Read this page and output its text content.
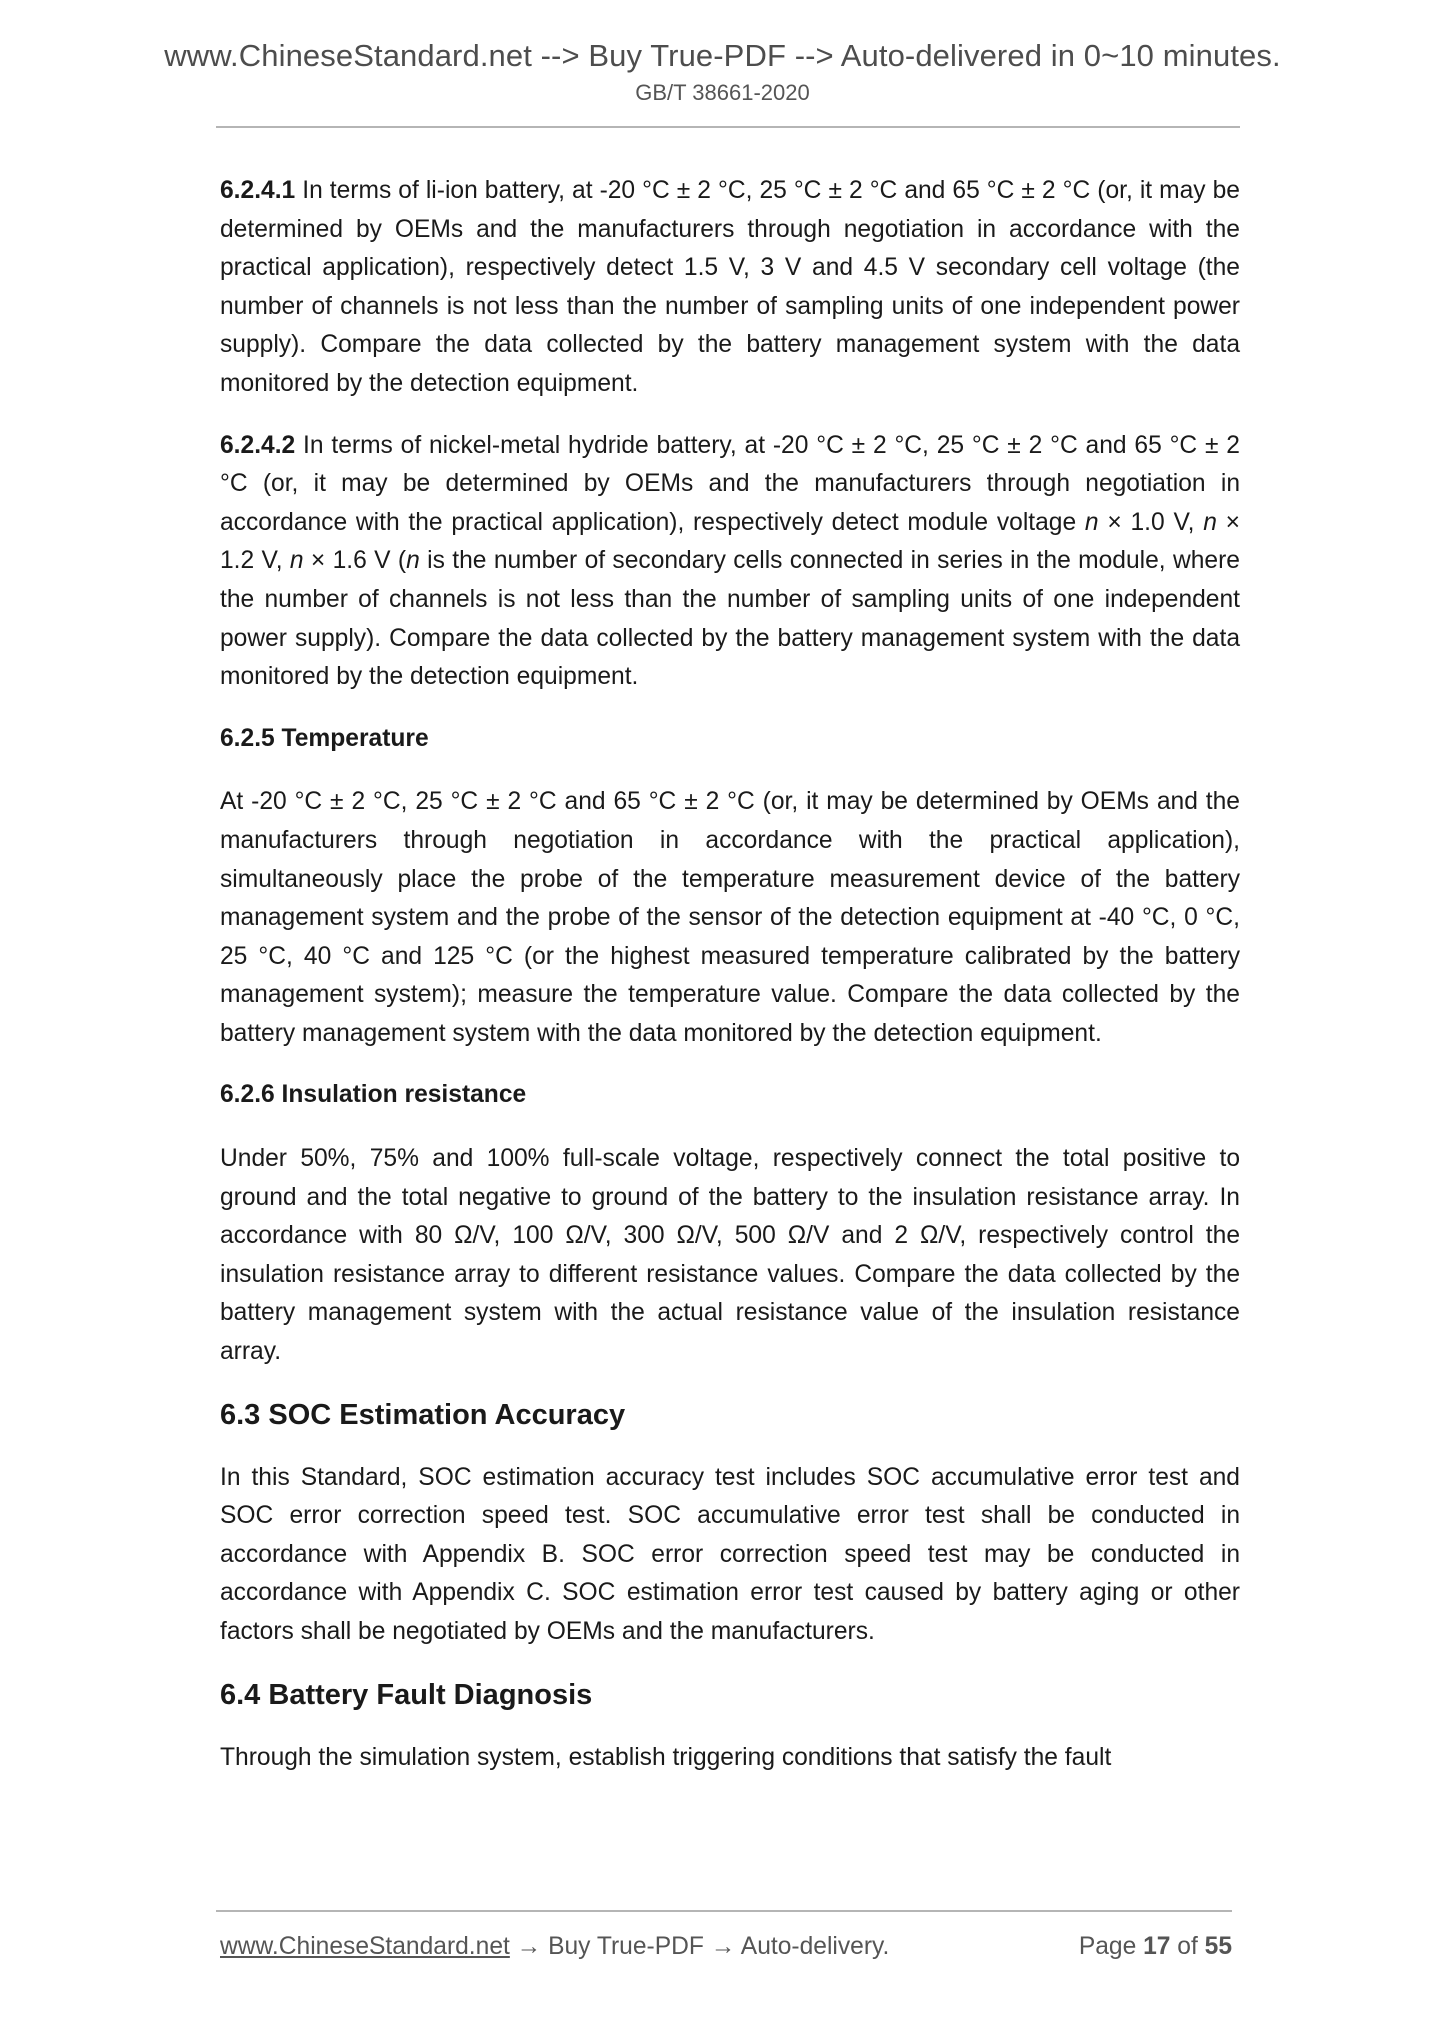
www.ChineseStandard.net --> Buy True-PDF --> Auto-delivered in 0~10 minutes.
GB/T 38661-2020

6.2.4.1 In terms of li-ion battery, at -20 °C ± 2 °C, 25 °C ± 2 °C and 65 °C ± 2 °C (or, it may be determined by OEMs and the manufacturers through negotiation in accordance with the practical application), respectively detect 1.5 V, 3 V and 4.5 V secondary cell voltage (the number of channels is not less than the number of sampling units of one independent power supply). Compare the data collected by the battery management system with the data monitored by the detection equipment.

6.2.4.2 In terms of nickel-metal hydride battery, at -20 °C ± 2 °C, 25 °C ± 2 °C and 65 °C ± 2 °C (or, it may be determined by OEMs and the manufacturers through negotiation in accordance with the practical application), respectively detect module voltage n × 1.0 V, n × 1.2 V, n × 1.6 V (n is the number of secondary cells connected in series in the module, where the number of channels is not less than the number of sampling units of one independent power supply). Compare the data collected by the battery management system with the data monitored by the detection equipment.

6.2.5 Temperature

At -20 °C ± 2 °C, 25 °C ± 2 °C and 65 °C ± 2 °C (or, it may be determined by OEMs and the manufacturers through negotiation in accordance with the practical application), simultaneously place the probe of the temperature measurement device of the battery management system and the probe of the sensor of the detection equipment at -40 °C, 0 °C, 25 °C, 40 °C and 125 °C (or the highest measured temperature calibrated by the battery management system); measure the temperature value. Compare the data collected by the battery management system with the data monitored by the detection equipment.

6.2.6 Insulation resistance

Under 50%, 75% and 100% full-scale voltage, respectively connect the total positive to ground and the total negative to ground of the battery to the insulation resistance array. In accordance with 80 Ω/V, 100 Ω/V, 300 Ω/V, 500 Ω/V and 2 Ω/V, respectively control the insulation resistance array to different resistance values. Compare the data collected by the battery management system with the actual resistance value of the insulation resistance array.

6.3 SOC Estimation Accuracy

In this Standard, SOC estimation accuracy test includes SOC accumulative error test and SOC error correction speed test. SOC accumulative error test shall be conducted in accordance with Appendix B. SOC error correction speed test may be conducted in accordance with Appendix C. SOC estimation error test caused by battery aging or other factors shall be negotiated by OEMs and the manufacturers.

6.4 Battery Fault Diagnosis

Through the simulation system, establish triggering conditions that satisfy the fault

www.ChineseStandard.net → Buy True-PDF → Auto-delivery.	Page 17 of 55
